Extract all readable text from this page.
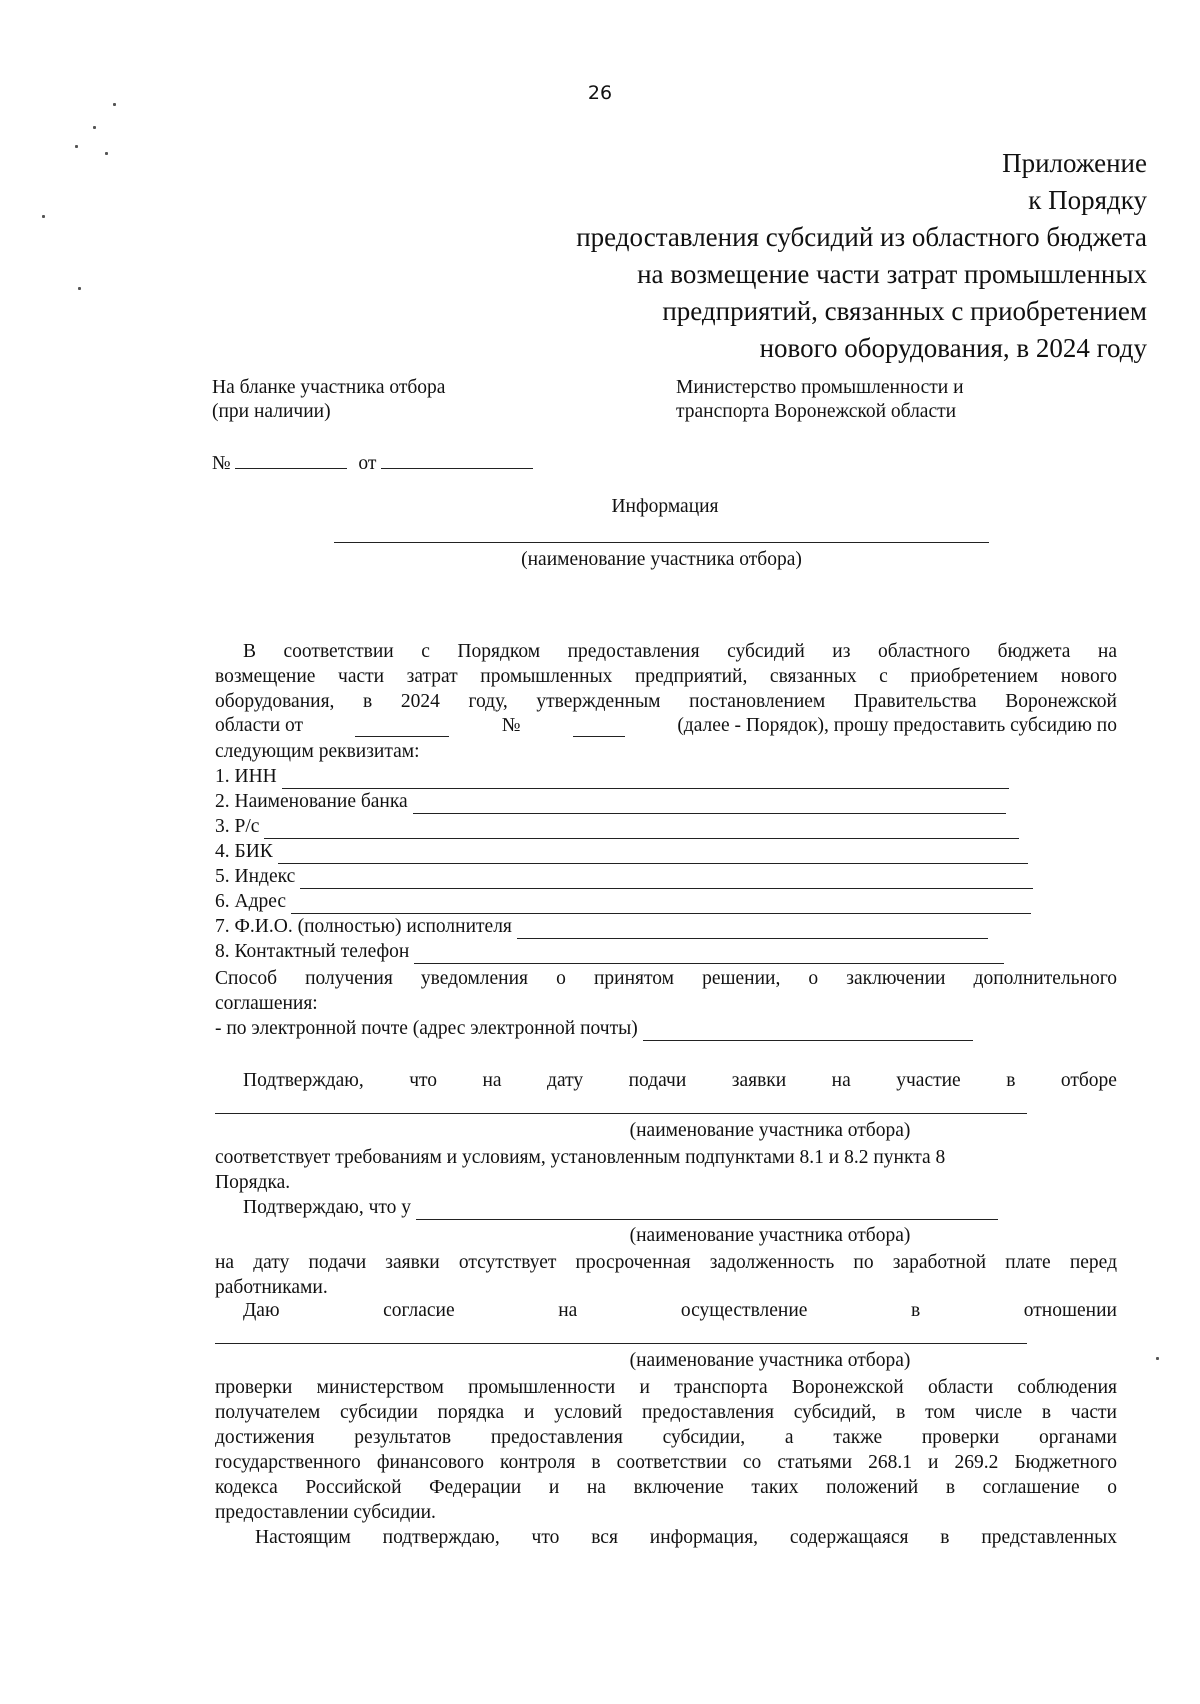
26
Приложение
к Порядку
предоставления субсидий из областного бюджета
на возмещение части затрат промышленных
предприятий, связанных с приобретением
нового оборудования, в 2024 году
На бланке участника отбора
(при наличии)
Министерство промышленности и
транспорта Воронежской области
№	от
Информация
(наименование участника отбора)
В соответствии с Порядком предоставления субсидий из областного бюджета на
возмещение части затрат промышленных предприятий, связанных с приобретением нового
оборудования, в 2024 году, утвержденным постановлением Правительства Воронежской
области от	№	(далее - Порядок), прошу предоставить субсидию по
следующим реквизитам:
1. ИНН
2. Наименование банка
3. Р/с
4. БИК
5. Индекс
6. Адрес
7. Ф.И.О. (полностью) исполнителя
8. Контактный телефон
Способ получения уведомления о принятом решении, о заключении дополнительного
соглашения:
- по электронной почте (адрес электронной почты)
Подтверждаю, что на дату подачи заявки на участие в отборе
(наименование участника отбора)
соответствует требованиям и условиям, установленным подпунктами 8.1 и 8.2 пункта 8
Порядка.
Подтверждаю, что у
(наименование участника отбора)
на дату подачи заявки отсутствует просроченная задолженность по заработной плате перед
работниками.
Даю	согласие	на	осуществление	в	отношении
(наименование участника отбора)
проверки министерством промышленности и транспорта Воронежской области соблюдения
получателем субсидии порядка и условий предоставления субсидий, в том числе в части
достижения результатов предоставления субсидии, а также проверки органами
государственного финансового контроля в соответствии со статьями 268.1 и 269.2 Бюджетного
кодекса Российской Федерации и на включение таких положений в соглашение о
предоставлении субсидии.
Настоящим подтверждаю, что вся информация, содержащаяся в представленных
